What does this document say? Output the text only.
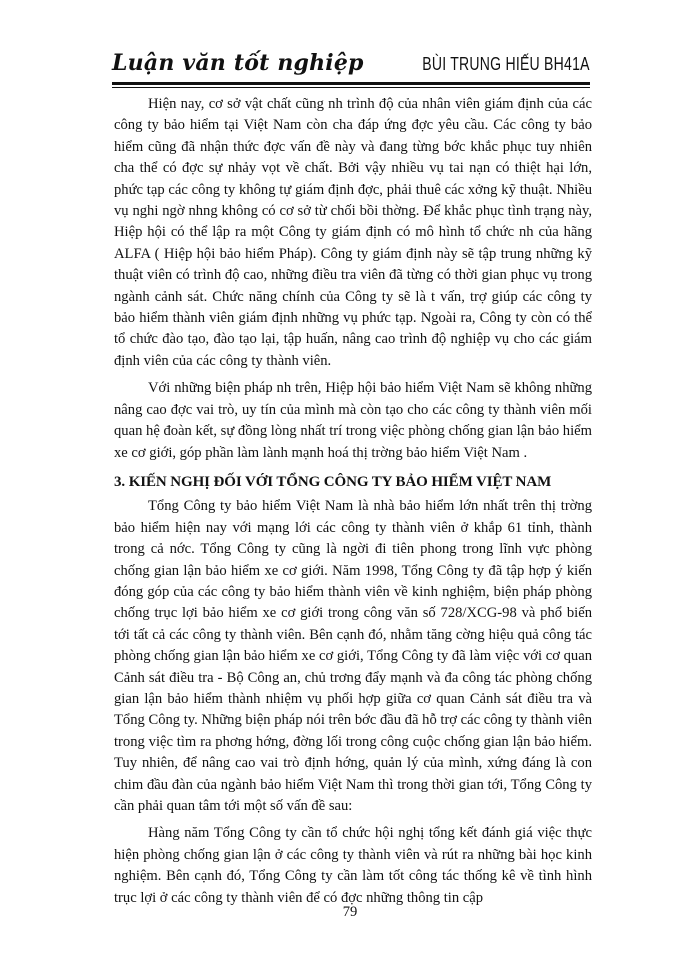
Luận văn tốt nghiệp	BÙI TRUNG HIẾU BH41A

Hiện nay, cơ sở vật chất cũng nh trình độ của nhân viên giám định của các công ty bảo hiểm tại Việt Nam còn cha đáp ứng đợc yêu cầu. Các công ty bảo hiểm cũng đã nhận thức đợc vấn đề này và đang từng bớc khắc phục tuy nhiên cha thể có đợc sự nhảy vọt về chất. Bởi vậy nhiều vụ tai nạn có thiệt hại lớn, phức tạp các công ty không tự giám định đợc, phải thuê các xởng kỹ thuật. Nhiều vụ nghi ngờ nhng không có cơ sở từ chối bồi thờng. Để khắc phục tình trạng này, Hiệp hội có thể lập ra một Công ty giám định có mô hình tổ chức nh của hãng ALFA ( Hiệp hội bảo hiểm Pháp). Công ty giám định này sẽ tập trung những kỹ thuật viên có trình độ cao, những điều tra viên đã từng có thời gian phục vụ trong ngành cảnh sát. Chức năng chính của Công ty sẽ là t vấn, trợ giúp các công ty bảo hiểm thành viên giám định những vụ phức tạp. Ngoài ra, Công ty còn có thể tổ chức đào tạo, đào tạo lại, tập huấn, nâng cao trình độ nghiệp vụ cho các giám định viên của các công ty thành viên.

Với những biện pháp nh trên, Hiệp hội bảo hiểm Việt Nam sẽ không những nâng cao đợc vai trò, uy tín của mình mà còn tạo cho các công ty thành viên mối quan hệ đoàn kết, sự đồng lòng nhất trí trong việc phòng chống gian lận bảo hiểm xe cơ giới, góp phần làm lành mạnh hoá thị trờng bảo hiểm Việt Nam .

3. KIẾN NGHỊ ĐỐI VỚI TỔNG CÔNG TY BẢO HIỂM VIỆT NAM

Tổng Công ty bảo hiểm Việt Nam là nhà bảo hiểm lớn nhất trên thị trờng bảo hiểm hiện nay với mạng lới các công ty thành viên ở khắp 61 tỉnh, thành trong cả nớc. Tổng Công ty cũng là ngời đi tiên phong trong lĩnh vực phòng chống gian lận bảo hiểm xe cơ giới. Năm 1998, Tổng Công ty đã tập hợp ý kiến đóng góp của các công ty bảo hiểm thành viên về kinh nghiệm, biện pháp phòng chống trục lợi bảo hiểm xe cơ giới trong công văn số 728/XCG-98 và phổ biến tới tất cả các công ty thành viên. Bên cạnh đó, nhằm tăng cờng hiệu quả công tác phòng chống gian lận bảo hiểm xe cơ giới, Tổng Công ty đã làm việc với cơ quan Cảnh sát điều tra - Bộ Công an, chủ trơng đẩy mạnh và đa công tác phòng chống gian lận bảo hiểm thành nhiệm vụ phối hợp giữa cơ quan Cảnh sát điều tra và Tổng Công ty. Những biện pháp nói trên bớc đầu đã hỗ trợ các công ty thành viên trong việc tìm ra phơng hớng, đờng lối trong công cuộc chống gian lận bảo hiểm. Tuy nhiên, để nâng cao vai trò định hớng, quản lý của mình, xứng đáng là con chim đầu đàn của ngành bảo hiểm Việt Nam thì trong thời gian tới, Tổng Công ty cần phải quan tâm tới một số vấn đề sau:

Hàng năm Tổng Công ty cần tổ chức hội nghị tổng kết đánh giá việc thực hiện phòng chống gian lận ở các công ty thành viên và rút ra những bài học kinh nghiệm. Bên cạnh đó, Tổng Công ty cần làm tốt công tác thống kê về tình hình trục lợi ở các công ty thành viên để có đợc những thông tin cập

79
